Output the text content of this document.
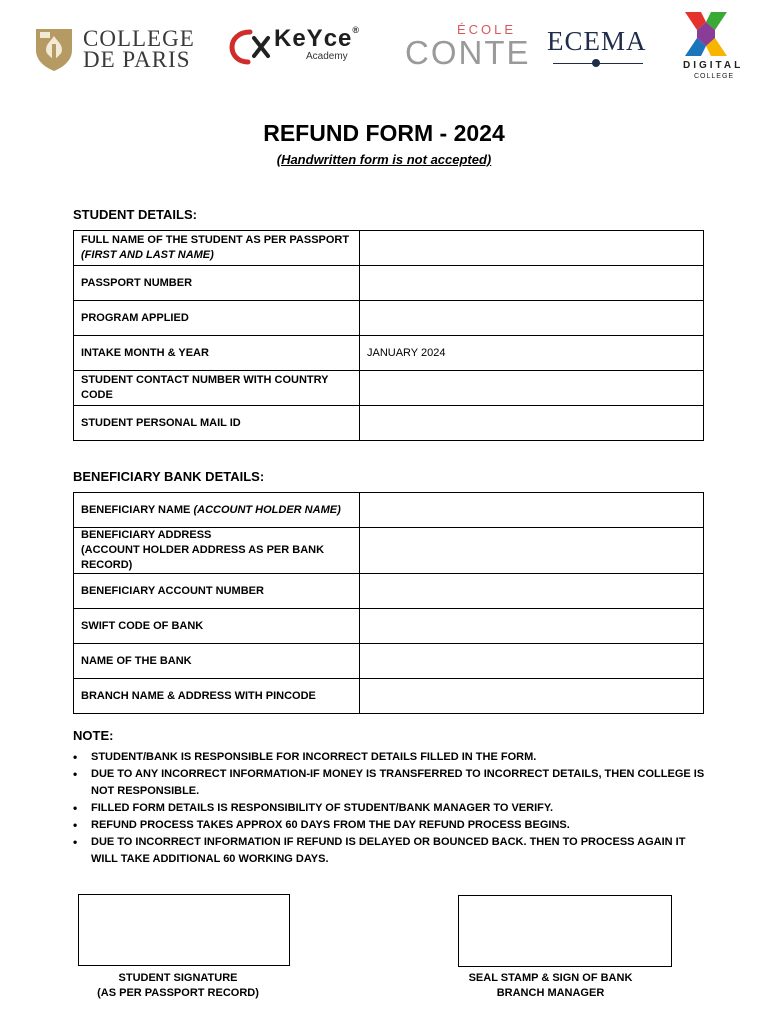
COLLEGE
DE PARIS
KeYce®
Academy
ÉCOLE
CONTE ECEMA
DIGITAL
COLLEGE
REFUND FORM - 2024
(Handwritten form is not accepted)
STUDENT DETAILS:
FULL NAME OF THE STUDENT AS PER PASSPORT
(FIRST AND LAST NAME)	

PASSPORT NUMBER	
PROGRAM APPLIED	
INTAKE MONTH & YEAR	JANUARY 2024
STUDENT CONTACT NUMBER WITH COUNTRY CODE	
STUDENT PERSONAL MAIL ID	
BENEFICIARY BANK DETAILS:
BENEFICIARY NAME (ACCOUNT HOLDER NAME)	

BENEFICIARY ADDRESS
(ACCOUNT HOLDER ADDRESS AS PER BANK RECORD)	

BENEFICIARY ACCOUNT NUMBER	
SWIFT CODE OF BANK	
NAME OF THE BANK	
BRANCH NAME & ADDRESS WITH PINCODE	
NOTE:
• STUDENT/BANK IS RESPONSIBLE FOR INCORRECT DETAILS FILLED IN THE FORM.
• DUE TO ANY INCORRECT INFORMATION-IF MONEY IS TRANSFERRED TO INCORRECT DETAILS, THEN COLLEGE IS NOT RESPONSIBLE.
• FILLED FORM DETAILS IS RESPONSIBILITY OF STUDENT/BANK MANAGER TO VERIFY.
• REFUND PROCESS TAKES APPROX 60 DAYS FROM THE DAY REFUND PROCESS BEGINS.
• DUE TO INCORRECT INFORMATION IF REFUND IS DELAYED OR BOUNCED BACK. THEN TO PROCESS AGAIN IT WILL TAKE ADDITIONAL 60 WORKING DAYS.
STUDENT SIGNATURE
(AS PER PASSPORT RECORD)
SEAL STAMP & SIGN OF BANK
BRANCH MANAGER
